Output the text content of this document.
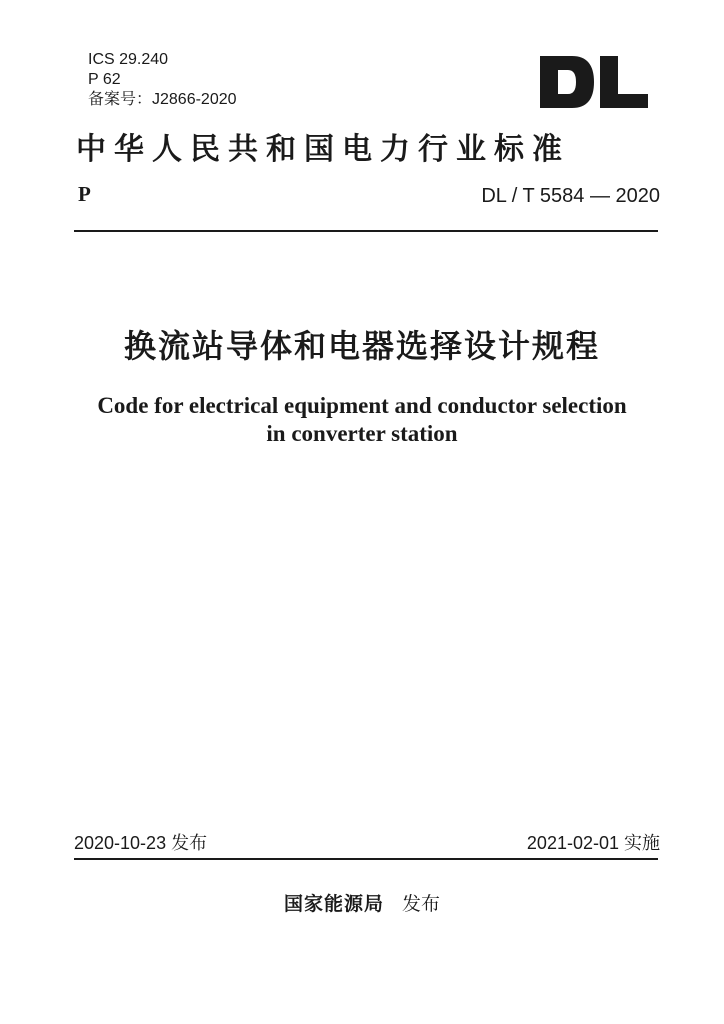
ICS 29.240
P 62
备案号：J2866-2020
中华人民共和国电力行业标准
P	DL / T 5584 — 2020
换流站导体和电器选择设计规程
Code for electrical equipment and conductor selection
in converter station
2020-10-23 发布	2021-02-01 实施
国家能源局 发布
